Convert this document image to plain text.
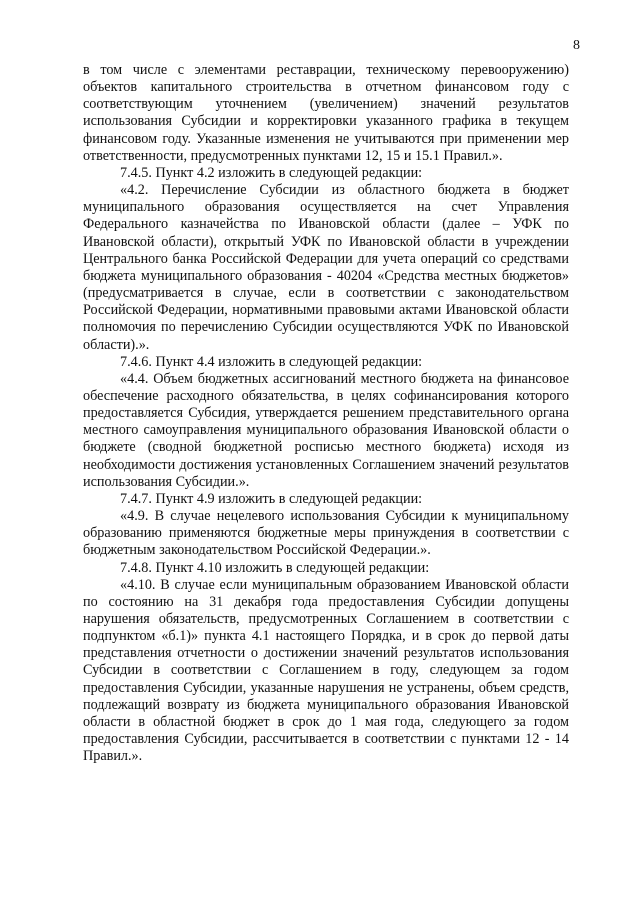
8

в том числе с элементами реставрации, техническому перевооружению) объектов капитального строительства в отчетном финансовом году с соответствующим уточнением (увеличением) значений результатов использования Субсидии и корректировки указанного графика в текущем финансовом году. Указанные изменения не учитываются при применении мер ответственности, предусмотренных пунктами 12, 15 и 15.1 Правил.».

7.4.5. Пункт 4.2 изложить в следующей редакции:

«4.2. Перечисление Субсидии из областного бюджета в бюджет муниципального образования осуществляется на счет Управления Федерального казначейства по Ивановской области (далее – УФК по Ивановской области), открытый УФК по Ивановской области в учреждении Центрального банка Российской Федерации для учета операций со средствами бюджета муниципального образования - 40204 «Средства местных бюджетов» (предусматривается в случае, если в соответствии с законодательством Российской Федерации, нормативными правовыми актами Ивановской области полномочия по перечислению Субсидии осуществляются УФК по Ивановской области).».

7.4.6. Пункт 4.4 изложить в следующей редакции:

«4.4. Объем бюджетных ассигнований местного бюджета на финансовое обеспечение расходного обязательства, в целях софинансирования которого предоставляется Субсидия, утверждается решением представительного органа местного самоуправления муниципального образования Ивановской области о бюджете (сводной бюджетной росписью местного бюджета) исходя из необходимости достижения установленных Соглашением значений результатов использования Субсидии.».

7.4.7. Пункт 4.9 изложить в следующей редакции:

«4.9. В случае нецелевого использования Субсидии к муниципальному образованию применяются бюджетные меры принуждения в соответствии с бюджетным законодательством Российской Федерации.».

7.4.8. Пункт 4.10 изложить в следующей редакции:

«4.10. В случае если муниципальным образованием Ивановской области по состоянию на 31 декабря года предоставления Субсидии допущены нарушения обязательств, предусмотренных Соглашением в соответствии с подпунктом «б.1)» пункта 4.1 настоящего Порядка, и в срок до первой даты представления отчетности о достижении значений результатов использования Субсидии в соответствии с Соглашением в году, следующем за годом предоставления Субсидии, указанные нарушения не устранены, объем средств, подлежащий возврату из бюджета муниципального образования Ивановской области в областной бюджет в срок до 1 мая года, следующего за годом предоставления Субсидии, рассчитывается в соответствии с пунктами 12 - 14 Правил.».
